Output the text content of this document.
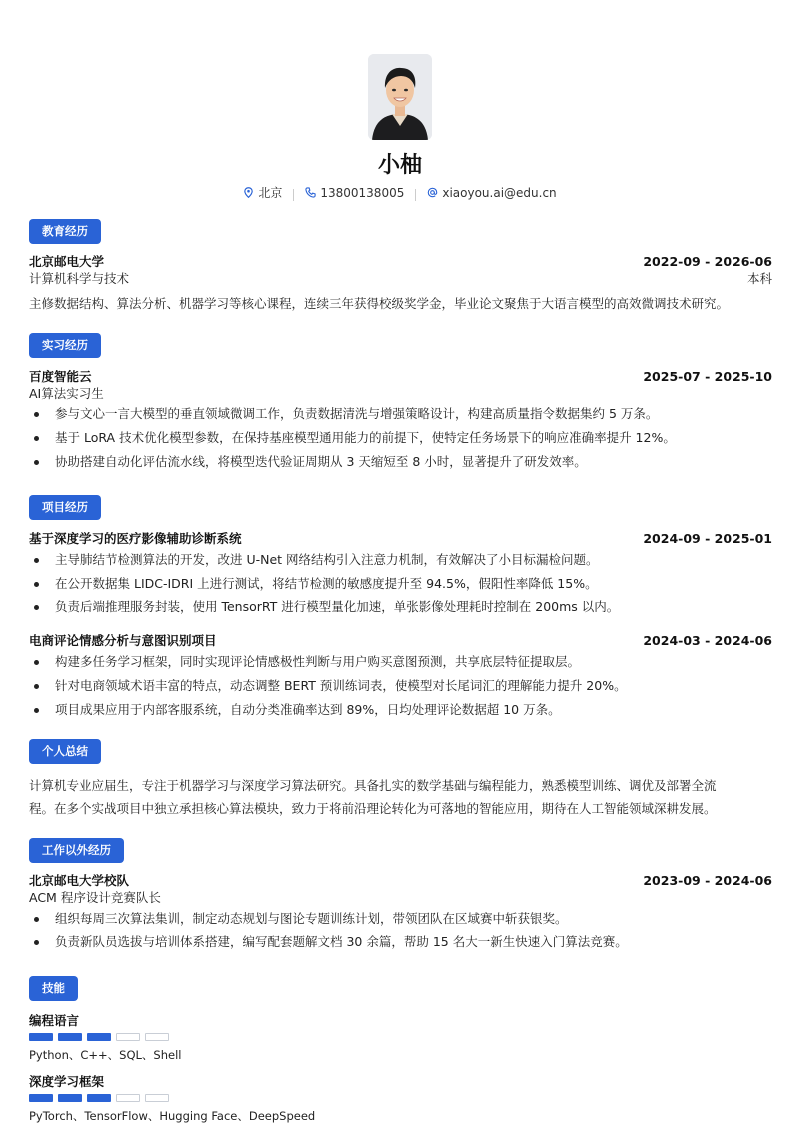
小柚
北京	13800138005	xiaoyou.ai@edu.cn
教育经历
北京邮电大学	2022-09 - 2026-06
计算机科学与技术	本科
主修数据结构、算法分析、机器学习等核心课程，连续三年获得校级奖学金，毕业论文聚焦于大语言模型的高效微调技术研究。
实习经历
百度智能云	2025-07 - 2025-10
AI算法实习生
参与文心一言大模型的垂直领域微调工作，负责数据清洗与增强策略设计，构建高质量指令数据集约 5 万条。
基于 LoRA 技术优化模型参数，在保持基座模型通用能力的前提下，使特定任务场景下的响应准确率提升 12%。
协助搭建自动化评估流水线，将模型迭代验证周期从 3 天缩短至 8 小时，显著提升了研发效率。
项目经历
基于深度学习的医疗影像辅助诊断系统	2024-09 - 2025-01
主导肺结节检测算法的开发，改进 U-Net 网络结构引入注意力机制，有效解决了小目标漏检问题。
在公开数据集 LIDC-IDRI 上进行测试，将结节检测的敏感度提升至 94.5%，假阳性率降低 15%。
负责后端推理服务封装，使用 TensorRT 进行模型量化加速，单张影像处理耗时控制在 200ms 以内。
电商评论情感分析与意图识别项目	2024-03 - 2024-06
构建多任务学习框架，同时实现评论情感极性判断与用户购买意图预测，共享底层特征提取层。
针对电商领域术语丰富的特点，动态调整 BERT 预训练词表，使模型对长尾词汇的理解能力提升 20%。
项目成果应用于内部客服系统，自动分类准确率达到 89%，日均处理评论数据超 10 万条。
个人总结
计算机专业应届生，专注于机器学习与深度学习算法研究。具备扎实的数学基础与编程能力，熟悉模型训练、调优及部署全流
程。在多个实战项目中独立承担核心算法模块，致力于将前沿理论转化为可落地的智能应用，期待在人工智能领域深耕发展。
工作以外经历
北京邮电大学校队	2023-09 - 2024-06
ACM 程序设计竞赛队长
组织每周三次算法集训，制定动态规划与图论专题训练计划，带领团队在区域赛中斩获银奖。
负责新队员选拔与培训体系搭建，编写配套题解文档 30 余篇，帮助 15 名大一新生快速入门算法竞赛。
技能
编程语言
Python、C++、SQL、Shell
深度学习框架
PyTorch、TensorFlow、Hugging Face、DeepSpeed
